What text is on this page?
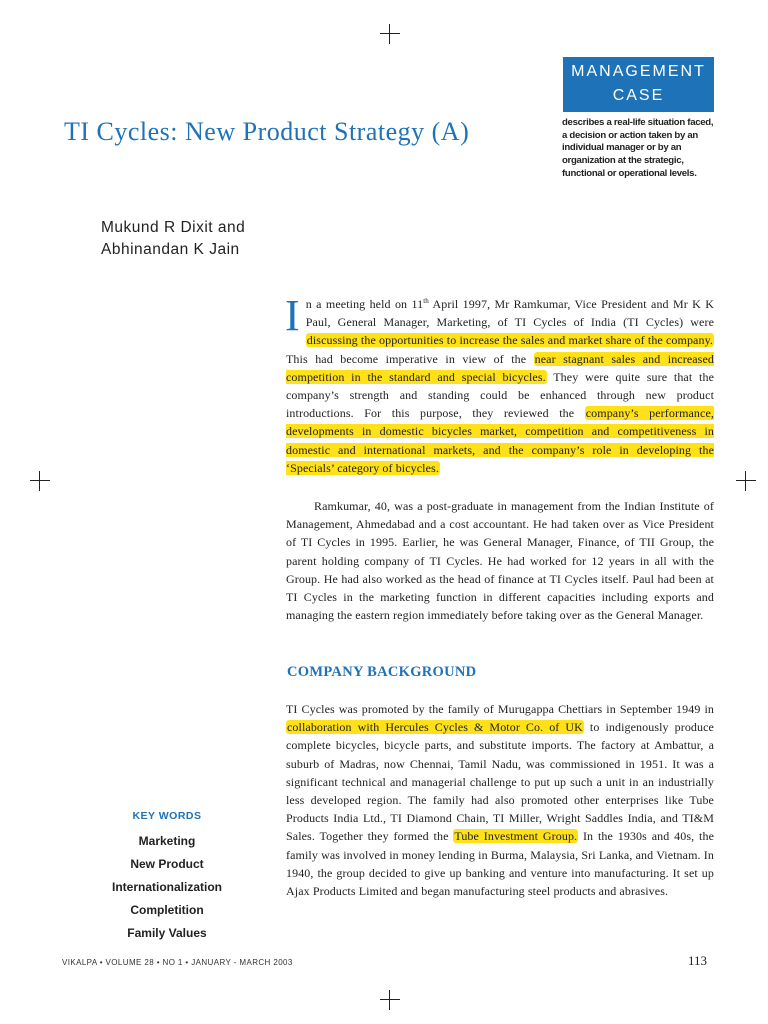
MANAGEMENT
CASE
describes a real-life situation faced, a decision or action taken by an individual manager or by an organization at the strategic, functional or operational levels.
TI Cycles: New Product Strategy (A)
Mukund R Dixit and
Abhinandan K Jain
In a meeting held on 11th April 1997, Mr Ramkumar, Vice President and Mr K K Paul, General Manager, Marketing, of TI Cycles of India (TI Cycles) were discussing the opportunities to increase the sales and market share of the company. This had become imperative in view of the near stagnant sales and increased competition in the standard and special bicycles. They were quite sure that the company’s strength and standing could be enhanced through new product introductions. For this purpose, they reviewed the company’s performance, developments in domestic bicycles market, competition and competitiveness in domestic and international markets, and the company’s role in developing the ‘Specials’ category of bicycles.
Ramkumar, 40, was a post-graduate in management from the Indian Institute of Management, Ahmedabad and a cost accountant. He had taken over as Vice President of TI Cycles in 1995. Earlier, he was General Manager, Finance, of TII Group, the parent holding company of TI Cycles. He had worked for 12 years in all with the Group. He had also worked as the head of finance at TI Cycles itself. Paul had been at TI Cycles in the marketing function in different capacities including exports and managing the eastern region immediately before taking over as the General Manager.
COMPANY BACKGROUND
TI Cycles was promoted by the family of Murugappa Chettiars in September 1949 in collaboration with Hercules Cycles & Motor Co. of UK to indigenously produce complete bicycles, bicycle parts, and substitute imports. The factory at Ambattur, a suburb of Madras, now Chennai, Tamil Nadu, was commissioned in 1951. It was a significant technical and managerial challenge to put up such a unit in an industrially less developed region. The family had also promoted other enterprises like Tube Products India Ltd., TI Diamond Chain, TI Miller, Wright Saddles India, and TI&M Sales. Together they formed the Tube Investment Group. In the 1930s and 40s, the family was involved in money lending in Burma, Malaysia, Sri Lanka, and Vietnam. In 1940, the group decided to give up banking and venture into manufacturing. It set up Ajax Products Limited and began manufacturing steel products and abrasives.
KEY WORDS
Marketing
New Product
Internationalization
Completition
Family Values
VIKALPA • VOLUME 28 • NO 1 • JANUARY - MARCH 2003	113
